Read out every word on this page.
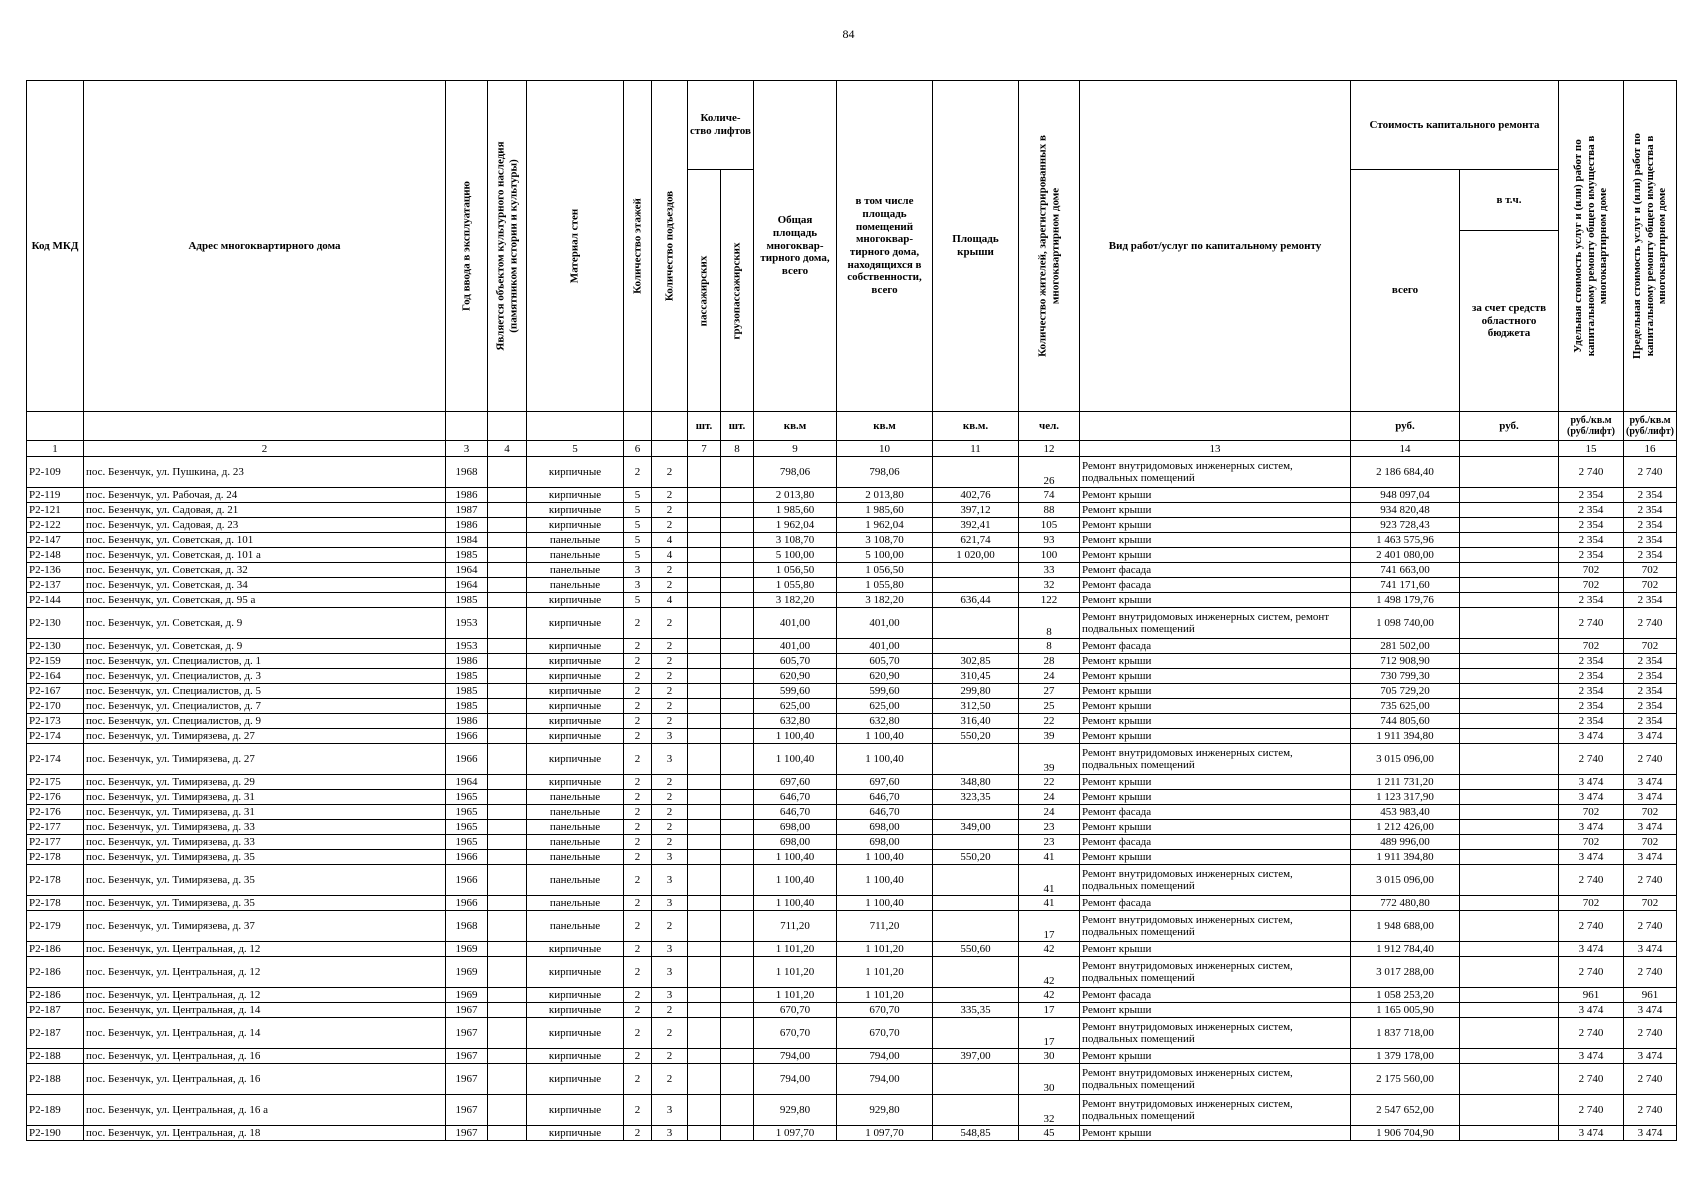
84
Код МКД	Адрес многоквартирного дома	Год ввода в эксплуатацию	Является объектом культурного наследия (памятником истории и культуры)	Материал стен	Количество этажей	Количество подъездов	Количе-ство лифтов		Общая площадь многоквар-тирного дома, всего	в том числе площадь помещений многоквар-тирного дома, находящихся в собственности, всего	Площадь крыши	Количество жителей, зарегистрированных в многоквартирном доме	Вид работ/услуг по капитальному ремонту	Стоимость капитального ремонта		Удельная стоимость услуг и (или) работ по капитальному ремонту общего имущества в многоквартирном доме	Предельная стоимость услуг и (или) работ по капитальному ремонту общего имущества в многоквартирном доме

							пассажирских	грузопассажирских						всего	в т.ч.		
															за счет средств областного бюджета		
							шт.	шт.	кв.м	кв.м	кв.м.	чел.		руб.	руб.	руб./кв.м (руб/лифт)	руб./кв.м (руб/лифт)
1	2	3	4	5	6		7	8	9	10	11	12	13	14		15	16
Р2-109	пос. Безенчук, ул. Пушкина, д. 23	1968		кирпичные	2	2			798,06	798,06		26	Ремонт внутридомовых инженерных систем, подвальных помещений	2 186 684,40		2 740	2 740
Р2-119	пос. Безенчук, ул. Рабочая, д. 24	1986		кирпичные	5	2			2 013,80	2 013,80	402,76	74	Ремонт крыши	948 097,04		2 354	2 354
Р2-121	пос. Безенчук, ул. Садовая, д. 21	1987		кирпичные	5	2			1 985,60	1 985,60	397,12	88	Ремонт крыши	934 820,48		2 354	2 354
Р2-122	пос. Безенчук, ул. Садовая, д. 23	1986		кирпичные	5	2			1 962,04	1 962,04	392,41	105	Ремонт крыши	923 728,43		2 354	2 354
Р2-147	пос. Безенчук, ул. Советская, д. 101	1984		панельные	5	4			3 108,70	3 108,70	621,74	93	Ремонт крыши	1 463 575,96		2 354	2 354
Р2-148	пос. Безенчук, ул. Советская, д. 101 а	1985		панельные	5	4			5 100,00	5 100,00	1 020,00	100	Ремонт крыши	2 401 080,00		2 354	2 354
Р2-136	пос. Безенчук, ул. Советская, д. 32	1964		панельные	3	2			1 056,50	1 056,50		33	Ремонт фасада	741 663,00		702	702
Р2-137	пос. Безенчук, ул. Советская, д. 34	1964		панельные	3	2			1 055,80	1 055,80		32	Ремонт фасада	741 171,60		702	702
Р2-144	пос. Безенчук, ул. Советская, д. 95 а	1985		кирпичные	5	4			3 182,20	3 182,20	636,44	122	Ремонт крыши	1 498 179,76		2 354	2 354
Р2-130	пос. Безенчук, ул. Советская, д. 9	1953		кирпичные	2	2			401,00	401,00		8	Ремонт внутридомовых инженерных систем, ремонт подвальных помещений	1 098 740,00		2 740	2 740
Р2-130	пос. Безенчук, ул. Советская, д. 9	1953		кирпичные	2	2			401,00	401,00		8	Ремонт фасада	281 502,00		702	702
Р2-159	пос. Безенчук, ул. Специалистов, д. 1	1986		кирпичные	2	2			605,70	605,70	302,85	28	Ремонт крыши	712 908,90		2 354	2 354
Р2-164	пос. Безенчук, ул. Специалистов, д. 3	1985		кирпичные	2	2			620,90	620,90	310,45	24	Ремонт крыши	730 799,30		2 354	2 354
Р2-167	пос. Безенчук, ул. Специалистов, д. 5	1985		кирпичные	2	2			599,60	599,60	299,80	27	Ремонт крыши	705 729,20		2 354	2 354
Р2-170	пос. Безенчук, ул. Специалистов, д. 7	1985		кирпичные	2	2			625,00	625,00	312,50	25	Ремонт крыши	735 625,00		2 354	2 354
Р2-173	пос. Безенчук, ул. Специалистов, д. 9	1986		кирпичные	2	2			632,80	632,80	316,40	22	Ремонт крыши	744 805,60		2 354	2 354
Р2-174	пос. Безенчук, ул. Тимирязева, д. 27	1966		кирпичные	2	3			1 100,40	1 100,40	550,20	39	Ремонт крыши	1 911 394,80		3 474	3 474
Р2-174	пос. Безенчук, ул. Тимирязева, д. 27	1966		кирпичные	2	3			1 100,40	1 100,40		39	Ремонт внутридомовых инженерных систем, подвальных помещений	3 015 096,00		2 740	2 740
Р2-175	пос. Безенчук, ул. Тимирязева, д. 29	1964		кирпичные	2	2			697,60	697,60	348,80	22	Ремонт крыши	1 211 731,20		3 474	3 474
Р2-176	пос. Безенчук, ул. Тимирязева, д. 31	1965		панельные	2	2			646,70	646,70	323,35	24	Ремонт крыши	1 123 317,90		3 474	3 474
Р2-176	пос. Безенчук, ул. Тимирязева, д. 31	1965		панельные	2	2			646,70	646,70		24	Ремонт фасада	453 983,40		702	702
Р2-177	пос. Безенчук, ул. Тимирязева, д. 33	1965		панельные	2	2			698,00	698,00	349,00	23	Ремонт крыши	1 212 426,00		3 474	3 474
Р2-177	пос. Безенчук, ул. Тимирязева, д. 33	1965		панельные	2	2			698,00	698,00		23	Ремонт фасада	489 996,00		702	702
Р2-178	пос. Безенчук, ул. Тимирязева, д. 35	1966		панельные	2	3			1 100,40	1 100,40	550,20	41	Ремонт крыши	1 911 394,80		3 474	3 474
Р2-178	пос. Безенчук, ул. Тимирязева, д. 35	1966		панельные	2	3			1 100,40	1 100,40		41	Ремонт внутридомовых инженерных систем, подвальных помещений	3 015 096,00		2 740	2 740
Р2-178	пос. Безенчук, ул. Тимирязева, д. 35	1966		панельные	2	3			1 100,40	1 100,40		41	Ремонт фасада	772 480,80		702	702
Р2-179	пос. Безенчук, ул. Тимирязева, д. 37	1968		панельные	2	2			711,20	711,20		17	Ремонт внутридомовых инженерных систем, подвальных помещений	1 948 688,00		2 740	2 740
Р2-186	пос. Безенчук, ул. Центральная, д. 12	1969		кирпичные	2	3			1 101,20	1 101,20	550,60	42	Ремонт крыши	1 912 784,40		3 474	3 474
Р2-186	пос. Безенчук, ул. Центральная, д. 12	1969		кирпичные	2	3			1 101,20	1 101,20		42	Ремонт внутридомовых инженерных систем, подвальных помещений	3 017 288,00		2 740	2 740
Р2-186	пос. Безенчук, ул. Центральная, д. 12	1969		кирпичные	2	3			1 101,20	1 101,20		42	Ремонт фасада	1 058 253,20		961	961
Р2-187	пос. Безенчук, ул. Центральная, д. 14	1967		кирпичные	2	2			670,70	670,70	335,35	17	Ремонт крыши	1 165 005,90		3 474	3 474
Р2-187	пос. Безенчук, ул. Центральная, д. 14	1967		кирпичные	2	2			670,70	670,70		17	Ремонт внутридомовых инженерных систем, подвальных помещений	1 837 718,00		2 740	2 740
Р2-188	пос. Безенчук, ул. Центральная, д. 16	1967		кирпичные	2	2			794,00	794,00	397,00	30	Ремонт крыши	1 379 178,00		3 474	3 474
Р2-188	пос. Безенчук, ул. Центральная, д. 16	1967		кирпичные	2	2			794,00	794,00		30	Ремонт внутридомовых инженерных систем, подвальных помещений	2 175 560,00		2 740	2 740
Р2-189	пос. Безенчук, ул. Центральная, д. 16 а	1967		кирпичные	2	3			929,80	929,80		32	Ремонт внутридомовых инженерных систем, подвальных помещений	2 547 652,00		2 740	2 740
Р2-190	пос. Безенчук, ул. Центральная, д. 18	1967		кирпичные	2	3			1 097,70	1 097,70	548,85	45	Ремонт крыши	1 906 704,90		3 474	3 474
